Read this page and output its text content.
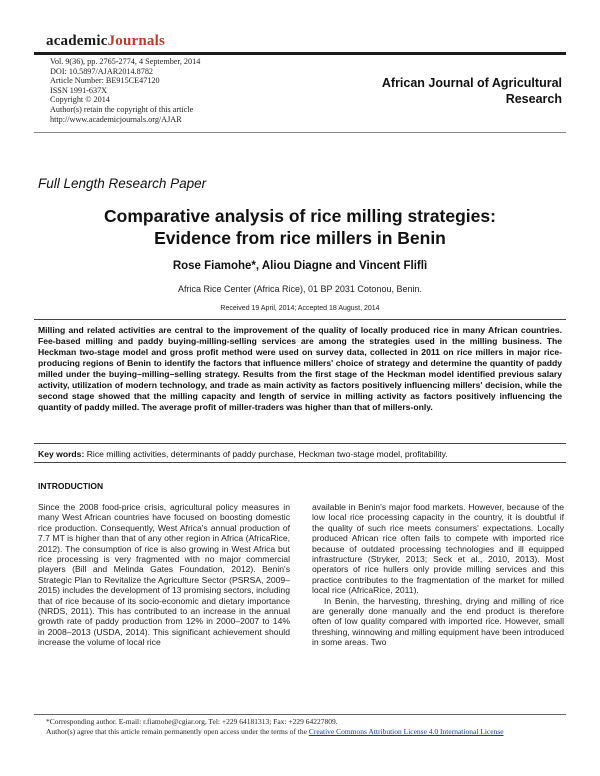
academicJournals
Vol. 9(36), pp. 2765-2774, 4 September, 2014
DOI: 10.5897/AJAR2014.8782
Article Number: BE915CE47120
ISSN 1991-637X
Copyright © 2014
Author(s) retain the copyright of this article
http://www.academicjournals.org/AJAR
African Journal of Agricultural
Research
Full Length Research Paper
Comparative analysis of rice milling strategies:
Evidence from rice millers in Benin
Rose Fiamohe*, Aliou Diagne and Vincent Fliflì
Africa Rice Center (Africa Rice), 01 BP 2031 Cotonou, Benin.
Received 19 April, 2014; Accepted 18 August, 2014
Milling and related activities are central to the improvement of the quality of locally produced rice in many African countries. Fee-based milling and paddy buying-milling-selling services are among the strategies used in the milling business. The Heckman two-stage model and gross profit method were used on survey data, collected in 2011 on rice millers in major rice-producing regions of Benin to identify the factors that influence millers' choice of strategy and determine the quantity of paddy milled under the buying–milling–selling strategy. Results from the first stage of the Heckman model identified previous salary activity, utilization of modern technology, and trade as main activity as factors positively influencing millers' decision, while the second stage showed that the milling capacity and length of service in milling activity as factors positively influencing the quantity of paddy milled. The average profit of miller-traders was higher than that of millers-only.
Key words: Rice milling activities, determinants of paddy purchase, Heckman two-stage model, profitability.
INTRODUCTION

Since the 2008 food-price crisis, agricultural policy measures in many West African countries have focused on boosting domestic rice production. Consequently, West Africa's annual production of 7.7 MT is higher than that of any other region in Africa (AfricaRice, 2012). The consumption of rice is also growing in West Africa but rice processing is very fragmented with no major commercial players (Bill and Melinda Gates Foundation, 2012). Benin's Strategic Plan to Revitalize the Agriculture Sector (PSRSA, 2009–2015) includes the development of 13 promising sectors, including that of rice because of its socio-economic and dietary importance (NRDS, 2011). This has contributed to an increase in the annual growth rate of paddy production from 12% in 2000–2007 to 14% in 2008–2013 (USDA, 2014). This significant achievement should increase the volume of local rice

available in Benin's major food markets. However, because of the low local rice processing capacity in the country, it is doubtful if the quality of such rice meets consumers' expectations. Locally produced African rice often fails to compete with imported rice because of outdated processing technologies and ill equipped infrastructure (Stryker, 2013; Seck et al., 2010, 2013). Most operators of rice hullers only provide milling services and this practice contributes to the fragmentation of the market for milled local rice (AfricaRice, 2011).

In Benin, the harvesting, threshing, drying and milling of rice are generally done manually and the end product is therefore often of low quality compared with imported rice. However, small threshing, winnowing and milling equipment have been introduced in some areas. Two

*Corresponding author. E-mail: r.fiamohe@cgiar.org, Tel: +229 64181313; Fax: +229 64227809.
Author(s) agree that this article remain permanently open access under the terms of the Creative Commons Attribution License 4.0 International License
